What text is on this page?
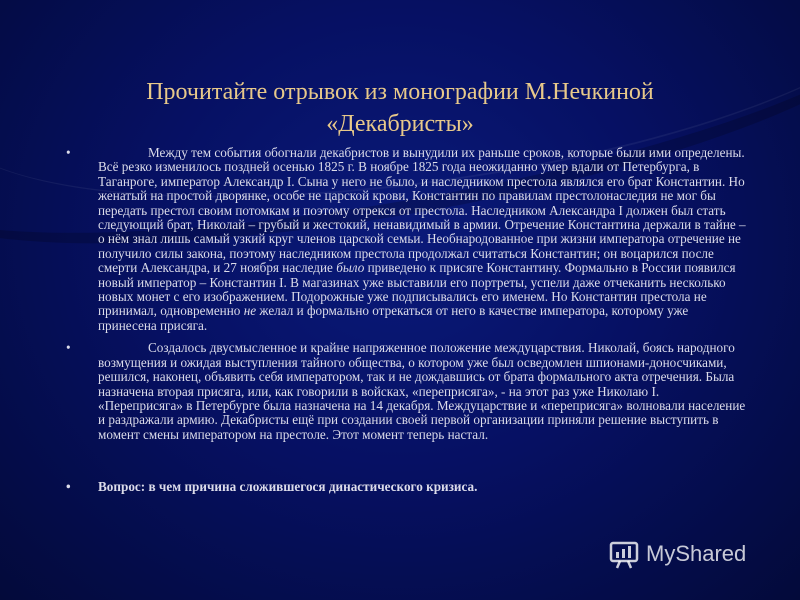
Прочитайте отрывок из монографии М.Нечкиной
«Декабристы»

•	Между тем события обогнали декабристов и вынудили их раньше сроков, которые были ими определены. Всё резко изменилось поздней осенью 1825 г. В ноябре 1825 года неожиданно умер вдали от Петербурга, в Таганроге, император Александр I. Сына у него не было, и наследником престола являлся его брат Константин. Но женатый на простой дворянке, особе не царской крови, Константин по правилам престолонаследия не мог бы передать престол своим потомкам и поэтому отрекся от престола. Наследником Александра I должен был стать следующий брат, Николай – грубый и жестокий, ненавидимый в армии. Отречение Константина держали в тайне – о нём знал лишь самый узкий круг членов царской семьи. Необнародованное при жизни императора отречение не получило силы закона, поэтому наследником престола продолжал считаться Константин; он воцарился после смерти Александра, и 27 ноября наследие было приведено к присяге Константину. Формально в России появился новый император – Константин I. В магазинах уже выставили его портреты, успели даже отчеканить несколько новых монет с его изображением. Подорожные уже подписывались его именем. Но Константин престола не принимал, одновременно не желал и формально отрекаться от него в качестве императора, которому уже принесена присяга.

•	Создалось двусмысленное и крайне напряженное положение междуцарствия. Николай, боясь народного возмущения и ожидая выступления тайного общества, о котором уже был осведомлен шпионами-доносчиками, решился, наконец, объявить себя императором, так и не дождавшись от брата формального акта отречения. Была назначена вторая присяга, или, как говорили в войсках, «переприсяга», - на этот раз уже Николаю I. «Переприсяга» в Петербурге была назначена на 14 декабря. Междуцарствие и «переприсяга» волновали население и раздражали армию. Декабристы ещё при создании своей первой организации приняли решение выступить в момент смены императором на престоле. Этот момент теперь настал.

•	Вопрос: в чем причина сложившегося династического кризиса.

MyShared
